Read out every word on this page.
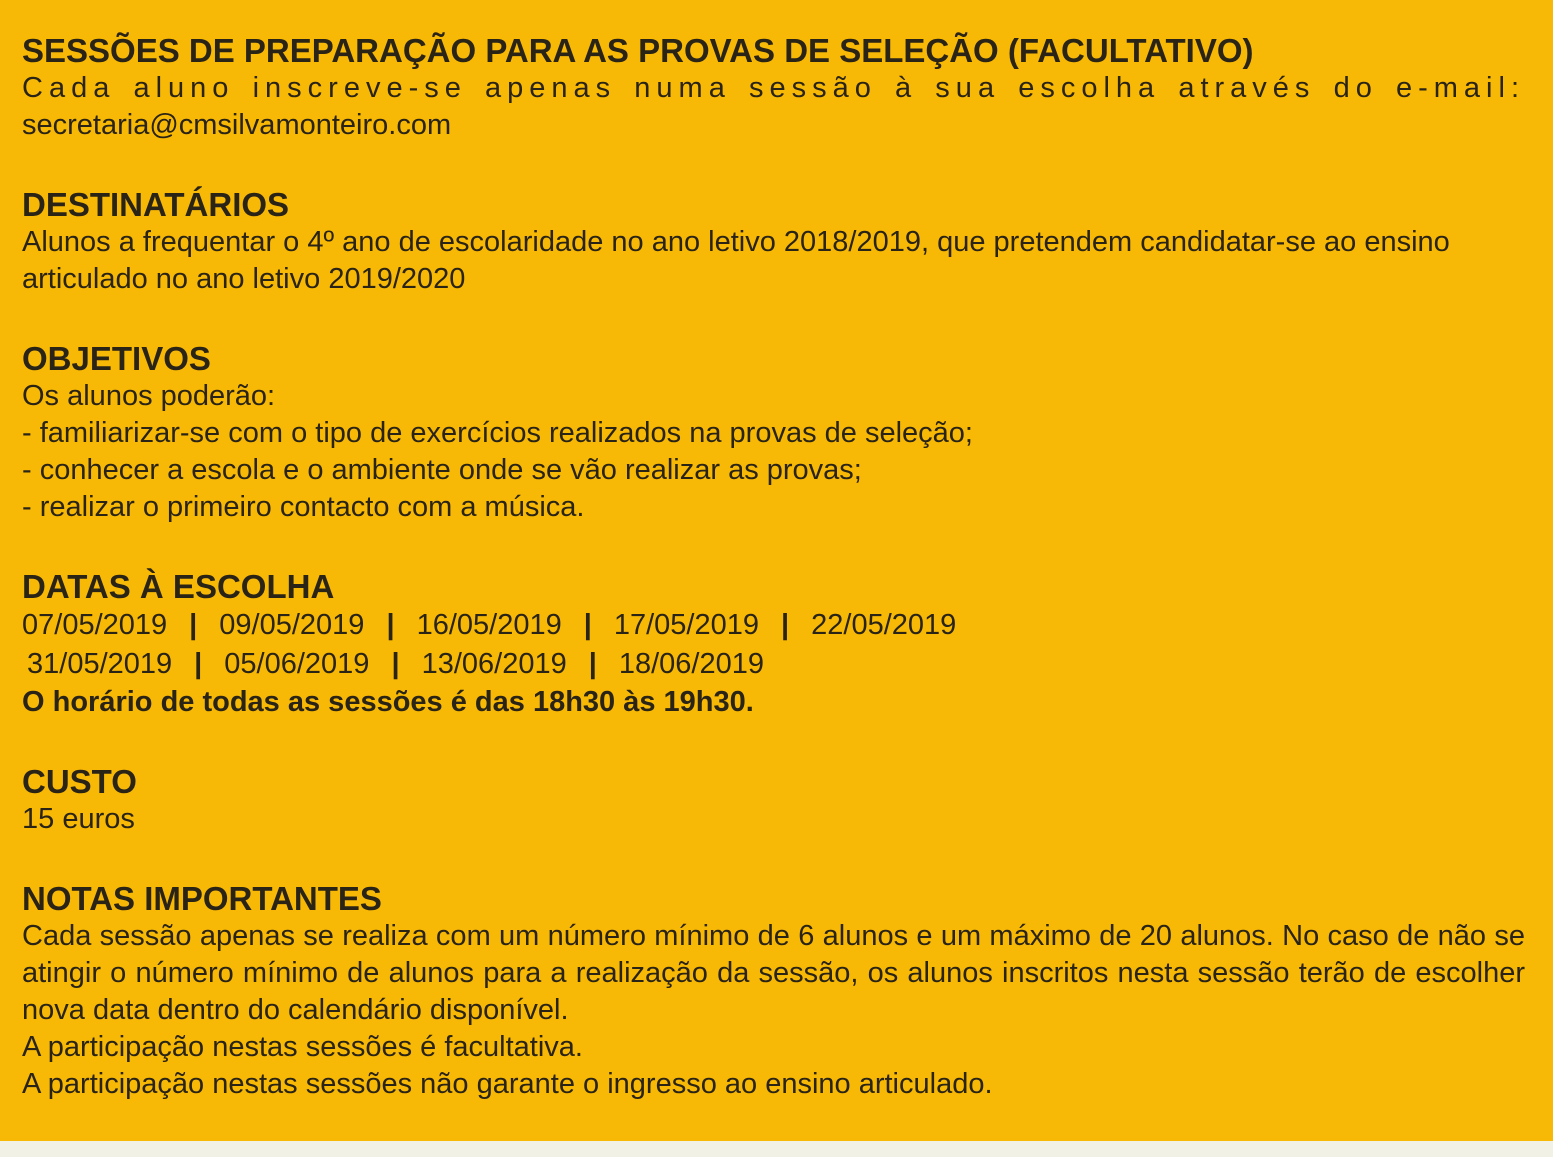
SESSÕES DE PREPARAÇÃO PARA AS PROVAS DE SELEÇÃO (FACULTATIVO)

Cada aluno inscreve-se apenas numa sessão à sua escolha através do e-mail:

secretaria@cmsilvamonteiro.com

DESTINATÁRIOS

Alunos a frequentar o 4º ano de escolaridade no ano letivo 2018/2019, que pretendem candidatar-se ao ensino articulado no ano letivo 2019/2020

OBJETIVOS

Os alunos poderão:

- familiarizar-se com o tipo de exercícios realizados na provas de seleção;

- conhecer a escola e o ambiente onde se vão realizar as provas;

- realizar o primeiro contacto com a música.

DATAS À ESCOLHA

07/05/2019 | 09/05/2019 | 16/05/2019 | 17/05/2019 | 22/05/2019

31/05/2019 | 05/06/2019 | 13/06/2019 | 18/06/2019

O horário de todas as sessões é das 18h30 às 19h30.

CUSTO

15 euros

NOTAS IMPORTANTES

Cada sessão apenas se realiza com um número mínimo de 6 alunos e um máximo de 20 alunos. No caso de não se atingir o número mínimo de alunos para a realização da sessão, os alunos inscritos nesta sessão terão de escolher nova data dentro do calendário disponível.

A participação nestas sessões é facultativa.

A participação nestas sessões não garante o ingresso ao ensino articulado.
